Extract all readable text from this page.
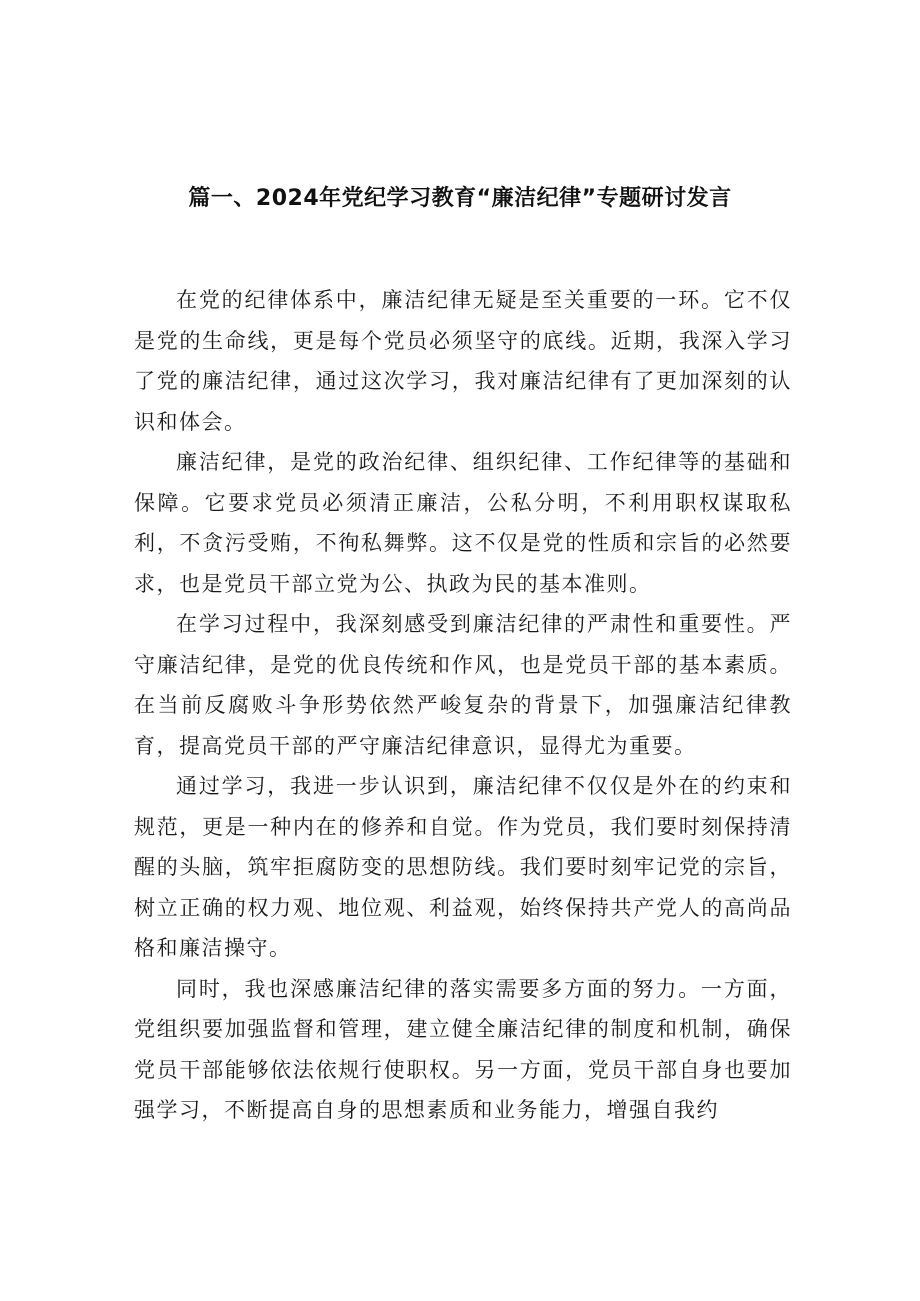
篇一、2024年党纪学习教育“廉洁纪律”专题研讨发言

在党的纪律体系中，廉洁纪律无疑是至关重要的一环。它不仅是党的生命线，更是每个党员必须坚守的底线。近期，我深入学习了党的廉洁纪律，通过这次学习，我对廉洁纪律有了更加深刻的认识和体会。

廉洁纪律，是党的政治纪律、组织纪律、工作纪律等的基础和保障。它要求党员必须清正廉洁，公私分明，不利用职权谋取私利，不贪污受贿，不徇私舞弊。这不仅是党的性质和宗旨的必然要求，也是党员干部立党为公、执政为民的基本准则。

在学习过程中，我深刻感受到廉洁纪律的严肃性和重要性。严守廉洁纪律，是党的优良传统和作风，也是党员干部的基本素质。在当前反腐败斗争形势依然严峻复杂的背景下，加强廉洁纪律教育，提高党员干部的严守廉洁纪律意识，显得尤为重要。

通过学习，我进一步认识到，廉洁纪律不仅仅是外在的约束和规范，更是一种内在的修养和自觉。作为党员，我们要时刻保持清醒的头脑，筑牢拒腐防变的思想防线。我们要时刻牢记党的宗旨，树立正确的权力观、地位观、利益观，始终保持共产党人的高尚品格和廉洁操守。

同时，我也深感廉洁纪律的落实需要多方面的努力。一方面，党组织要加强监督和管理，建立健全廉洁纪律的制度和机制，确保党员干部能够依法依规行使职权。另一方面，党员干部自身也要加强学习，不断提高自身的思想素质和业务能力，增强自我约
